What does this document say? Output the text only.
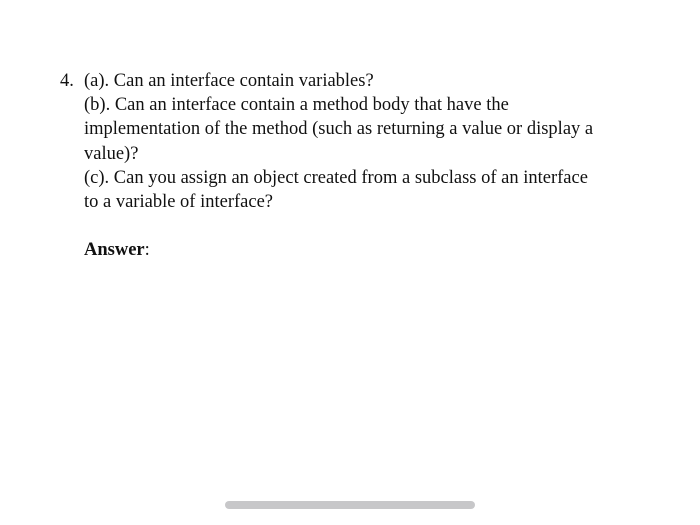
4. (a). Can an interface contain variables?
(b). Can an interface contain a method body that have the
implementation of the method (such as returning a value or display a
value)?
(c). Can you assign an object created from a subclass of an interface
to a variable of interface?
Answer:
